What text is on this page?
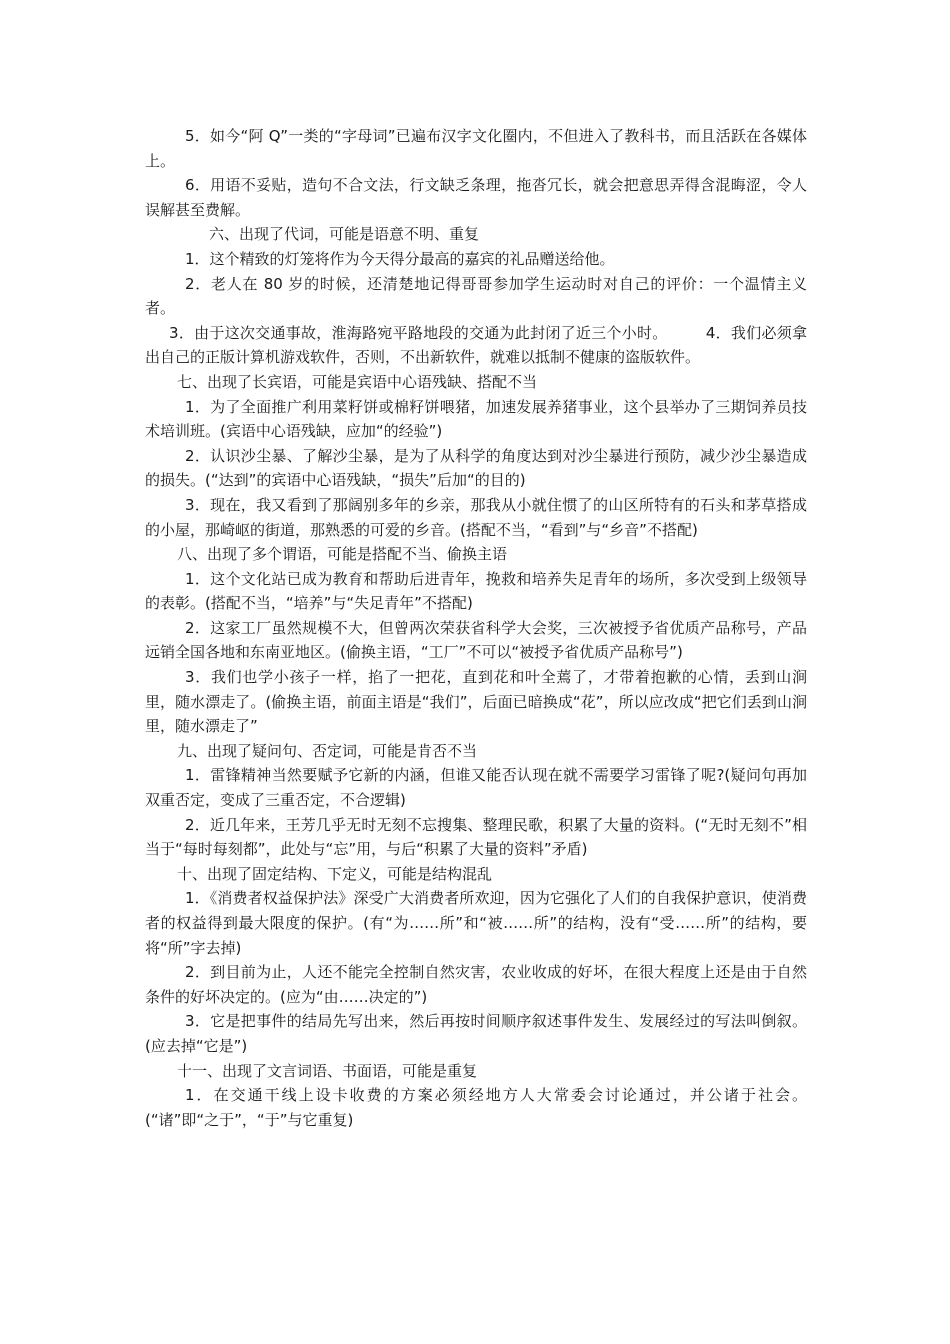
5．如今“阿 Q”一类的“字母词”已遍布汉字文化圈内，不但进入了教科书，而且活跃在各媒体上。

6．用语不妥贴，造句不合文法，行文缺乏条理，拖沓冗长，就会把意思弄得含混晦涩，令人误解甚至费解。

六、出现了代词，可能是语意不明、重复

1．这个精致的灯笼将作为今天得分最高的嘉宾的礼品赠送给他。

2．老人在 80 岁的时候，还清楚地记得哥哥参加学生运动时对自己的评价：一个温情主义者。

3．由于这次交通事故，淮海路宛平路地段的交通为此封闭了近三个小时。　　　4．我们必须拿出自己的正版计算机游戏软件，否则，不出新软件，就难以抵制不健康的盗版软件。

七、出现了长宾语，可能是宾语中心语残缺、搭配不当

1．为了全面推广利用菜籽饼或棉籽饼喂猪，加速发展养猪事业，这个县举办了三期饲养员技术培训班。(宾语中心语残缺，应加“的经验”)

2．认识沙尘暴、了解沙尘暴，是为了从科学的角度达到对沙尘暴进行预防，减少沙尘暴造成的损失。(“达到”的宾语中心语残缺，“损失”后加“的目的)

3．现在，我又看到了那阔别多年的乡亲，那我从小就住惯了的山区所特有的石头和茅草搭成的小屋，那崎岖的街道，那熟悉的可爱的乡音。(搭配不当，“看到”与“乡音”不搭配)

八、出现了多个谓语，可能是搭配不当、偷换主语

1．这个文化站已成为教育和帮助后进青年，挽救和培养失足青年的场所，多次受到上级领导的表彰。(搭配不当，“培养”与“失足青年”不搭配)

2．这家工厂虽然规模不大，但曾两次荣获省科学大会奖，三次被授予省优质产品称号，产品远销全国各地和东南亚地区。(偷换主语，“工厂”不可以“被授予省优质产品称号”)

3．我们也学小孩子一样，掐了一把花，直到花和叶全蔫了，才带着抱歉的心情，丢到山涧里，随水漂走了。(偷换主语，前面主语是“我们”，后面已暗换成“花”，所以应改成“把它们丢到山涧里，随水漂走了”

九、出现了疑问句、否定词，可能是肯否不当

1．雷锋精神当然要赋予它新的内涵，但谁又能否认现在就不需要学习雷锋了呢?(疑问句再加双重否定，变成了三重否定，不合逻辑)

2．近几年来，王芳几乎无时无刻不忘搜集、整理民歌，积累了大量的资料。(“无时无刻不”相当于“每时每刻都”，此处与“忘”用，与后“积累了大量的资料”矛盾)

十、出现了固定结构、下定义，可能是结构混乱

1．《消费者权益保护法》深受广大消费者所欢迎，因为它强化了人们的自我保护意识，使消费者的权益得到最大限度的保护。(有“为……所”和“被……所”的结构，没有“受……所”的结构，要将“所”字去掉)

2．到目前为止，人还不能完全控制自然灾害，农业收成的好坏，在很大程度上还是由于自然条件的好坏决定的。(应为“由……决定的”)

3．它是把事件的结局先写出来，然后再按时间顺序叙述事件发生、发展经过的写法叫倒叙。(应去掉“它是”)

十一、出现了文言词语、书面语，可能是重复

1．在交通干线上设卡收费的方案必须经地方人大常委会讨论通过，并公诸于社会。(“诸”即“之于”，“于”与它重复)
